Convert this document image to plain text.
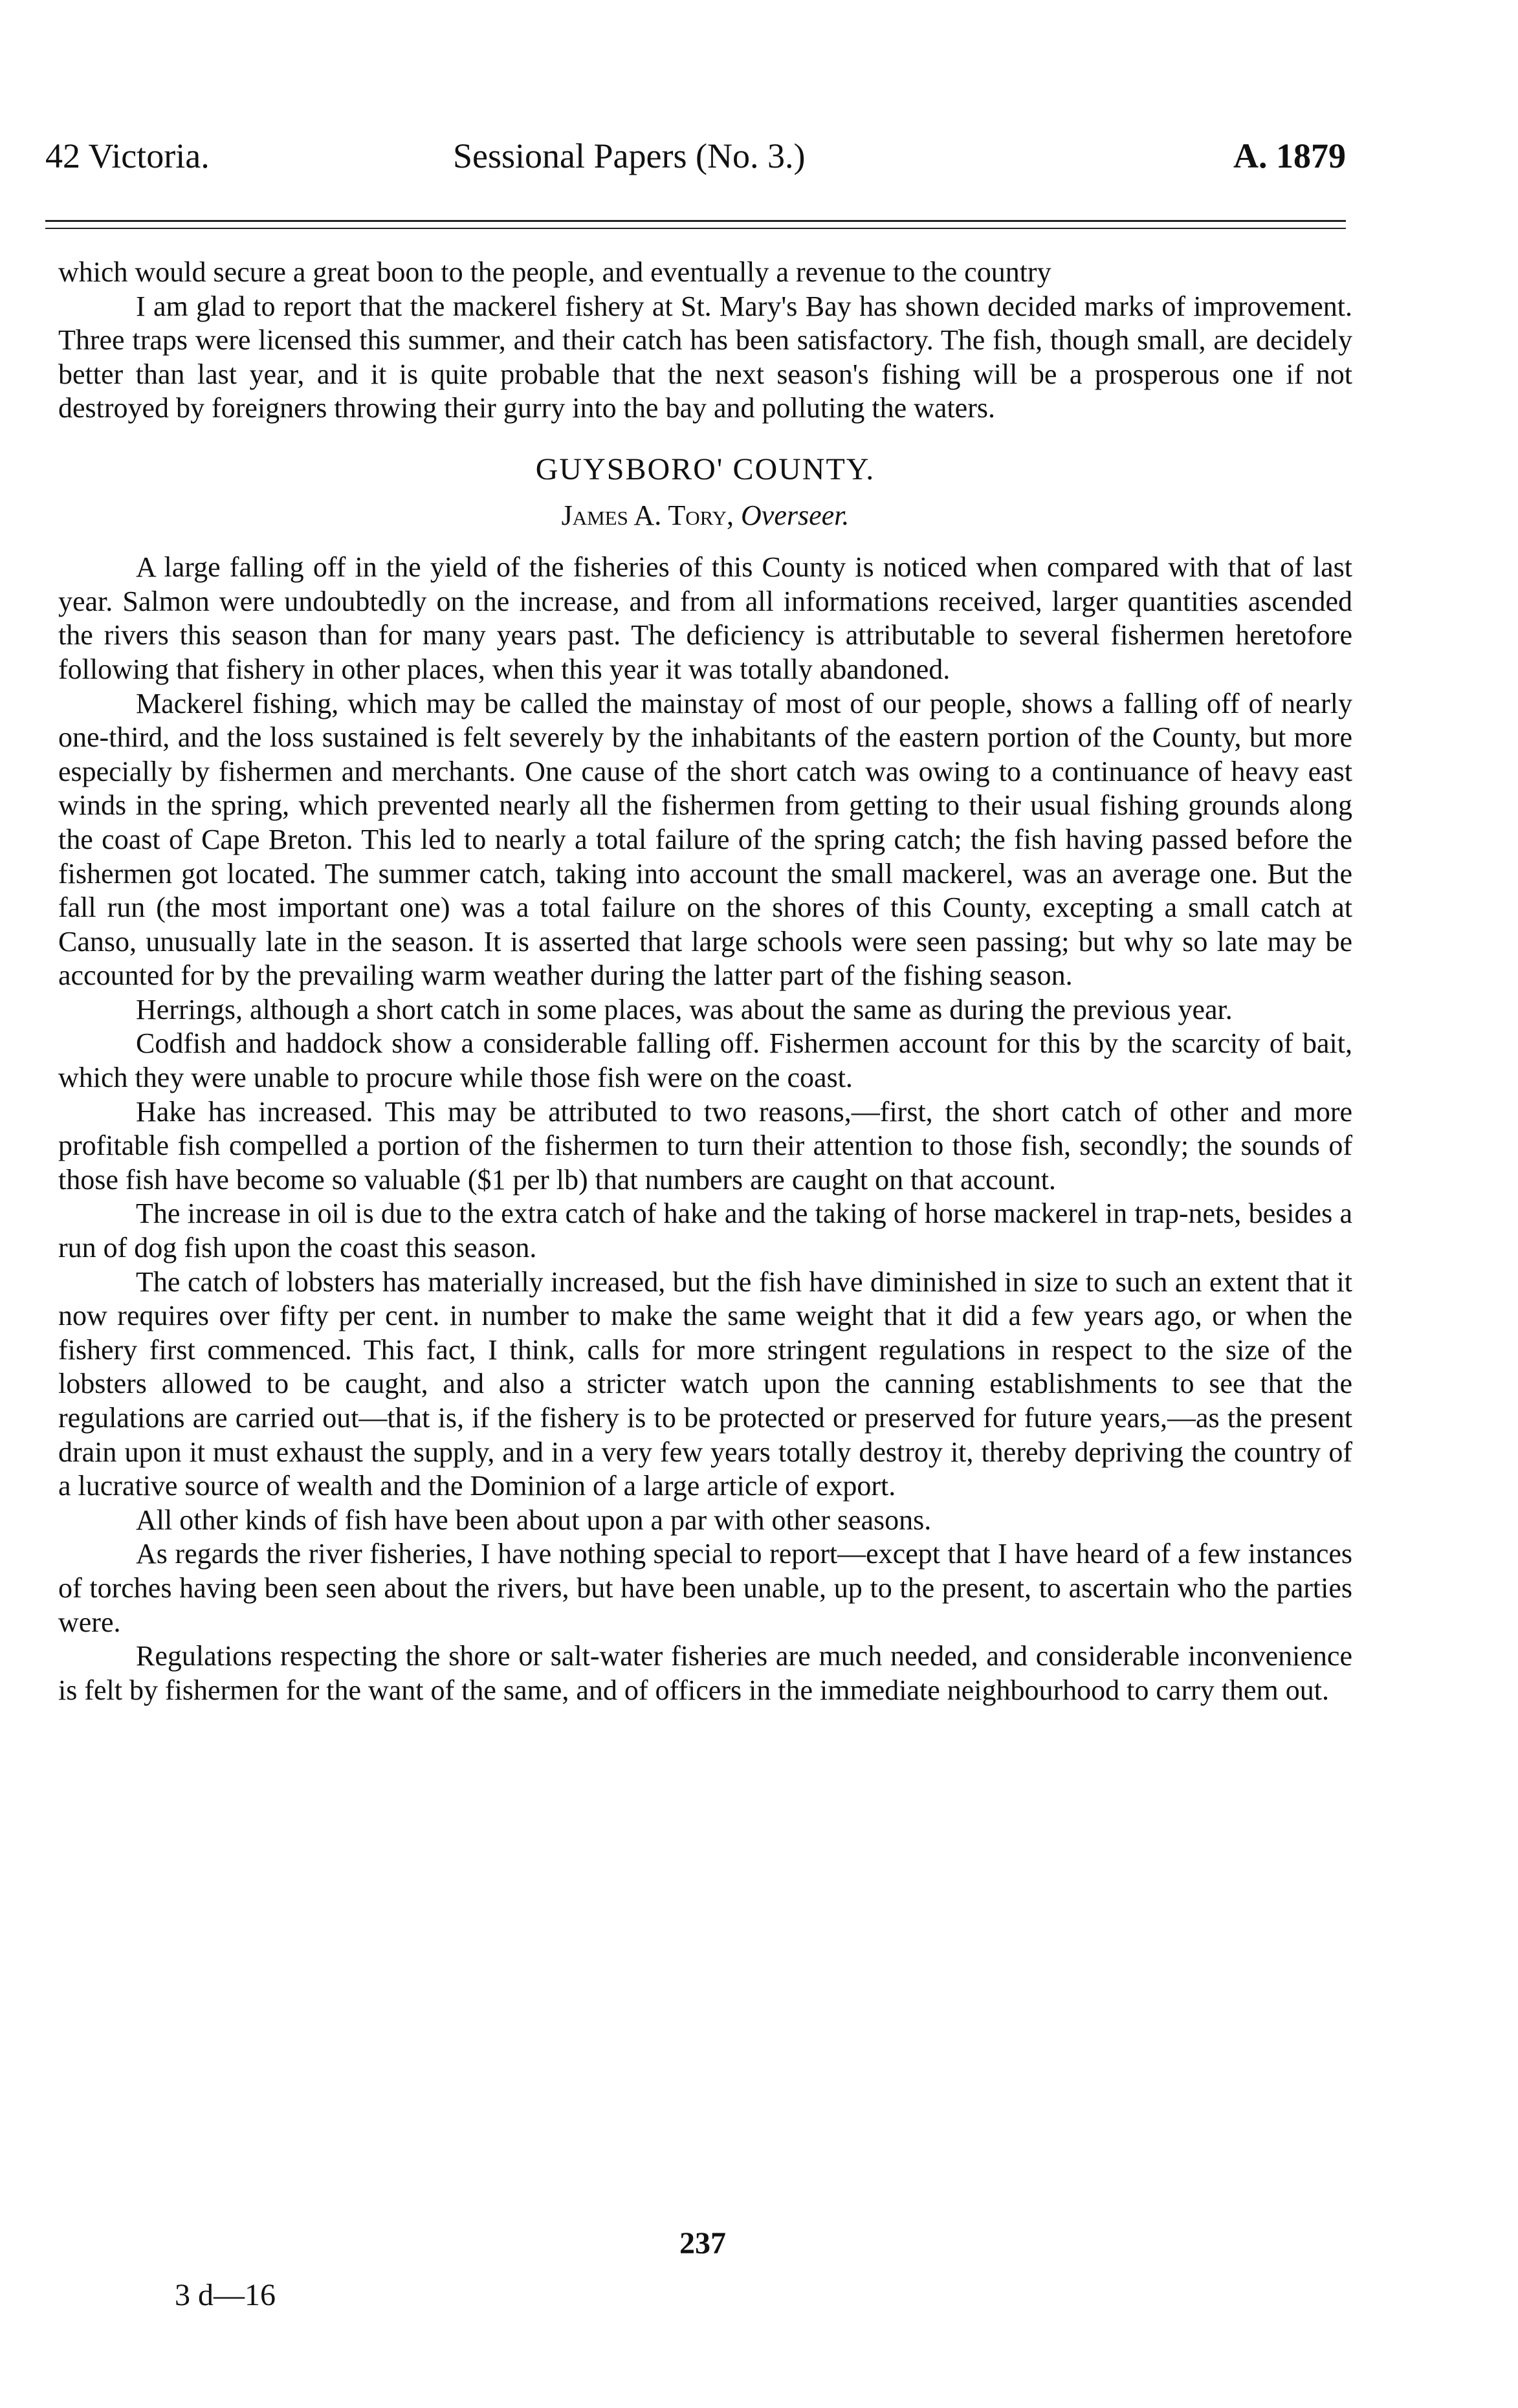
42 Victoria.	Sessional Papers (No. 3.)	A. 1879

which would secure a great boon to the people, and eventually a revenue to the country

I am glad to report that the mackerel fishery at St. Mary's Bay has shown decided marks of improvement. Three traps were licensed this summer, and their catch has been satisfactory. The fish, though small, are decidely better than last year, and it is quite probable that the next season's fishing will be a prosperous one if not destroyed by foreigners throwing their gurry into the bay and polluting the waters.

GUYSBORO' COUNTY.
James A. Tory, Overseer.

A large falling off in the yield of the fisheries of this County is noticed when compared with that of last year. Salmon were undoubtedly on the increase, and from all informations received, larger quantities ascended the rivers this season than for many years past. The deficiency is attributable to several fishermen heretofore following that fishery in other places, when this year it was totally abandoned.

Mackerel fishing, which may be called the mainstay of most of our people, shows a falling off of nearly one-third, and the loss sustained is felt severely by the inhabitants of the eastern portion of the County, but more especially by fishermen and merchants. One cause of the short catch was owing to a continuance of heavy east winds in the spring, which prevented nearly all the fishermen from getting to their usual fishing grounds along the coast of Cape Breton. This led to nearly a total failure of the spring catch; the fish having passed before the fishermen got located. The summer catch, taking into account the small mackerel, was an average one. But the fall run (the most important one) was a total failure on the shores of this County, excepting a small catch at Canso, unusually late in the season. It is asserted that large schools were seen passing; but why so late may be accounted for by the prevailing warm weather during the latter part of the fishing season.

Herrings, although a short catch in some places, was about the same as during the previous year.

Codfish and haddock show a considerable falling off. Fishermen account for this by the scarcity of bait, which they were unable to procure while those fish were on the coast.

Hake has increased. This may be attributed to two reasons,—first, the short catch of other and more profitable fish compelled a portion of the fishermen to turn their attention to those fish, secondly; the sounds of those fish have become so valuable ($1 per lb) that numbers are caught on that account.

The increase in oil is due to the extra catch of hake and the taking of horse mackerel in trap-nets, besides a run of dog fish upon the coast this season.

The catch of lobsters has materially increased, but the fish have diminished in size to such an extent that it now requires over fifty per cent. in number to make the same weight that it did a few years ago, or when the fishery first commenced. This fact, I think, calls for more stringent regulations in respect to the size of the lobsters allowed to be caught, and also a stricter watch upon the canning establishments to see that the regulations are carried out—that is, if the fishery is to be protected or preserved for future years,—as the present drain upon it must exhaust the supply, and in a very few years totally destroy it, thereby depriving the country of a lucrative source of wealth and the Dominion of a large article of export.

All other kinds of fish have been about upon a par with other seasons.

As regards the river fisheries, I have nothing special to report—except that I have heard of a few instances of torches having been seen about the rivers, but have been unable, up to the present, to ascertain who the parties were.

Regulations respecting the shore or salt-water fisheries are much needed, and considerable inconvenience is felt by fishermen for the want of the same, and of officers in the immediate neighbourhood to carry them out.

237
3 d—16
